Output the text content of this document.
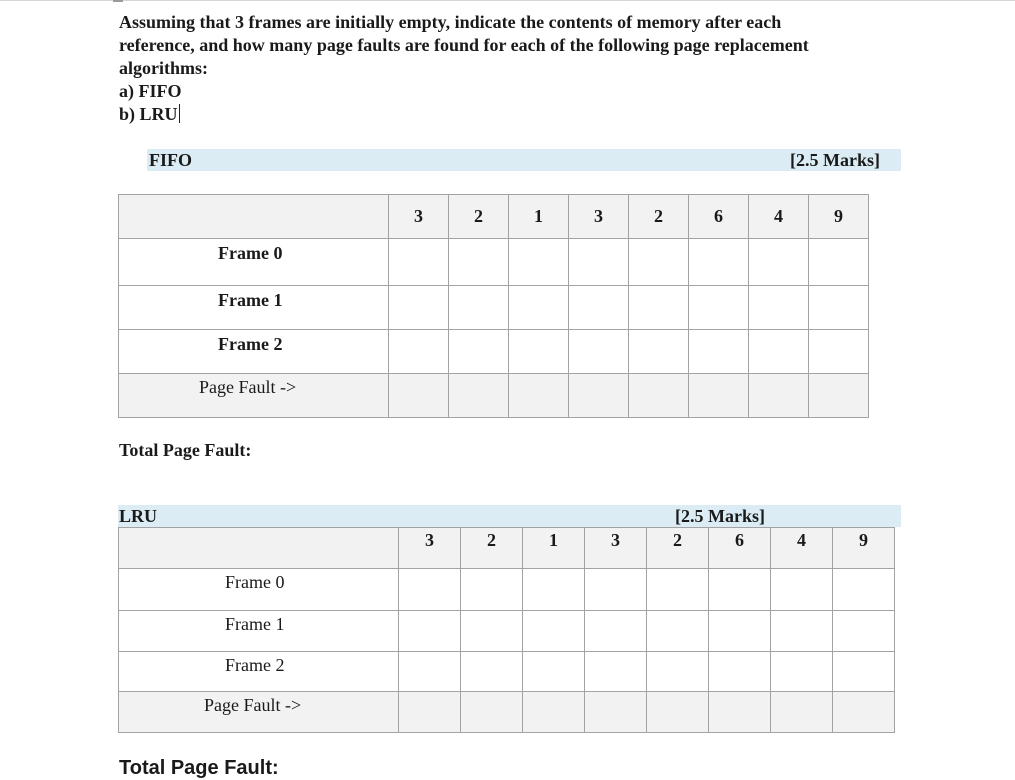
Assuming that 3 frames are initially empty, indicate the contents of memory after each

reference, and how many page faults are found for each of the following page replacement

algorithms:

a) FIFO

b) LRU

FIFO	[2.5 Marks]
	3	2	1	3	2	6	4	9
Frame 0								
Frame 1								
Frame 2								
Page Fault ->								
Total Page Fault:
LRU	[2.5 Marks]
	3	2	1	3	2	6	4	9
Frame 0								
Frame 1								
Frame 2								
Page Fault ->								
Total Page Fault:
